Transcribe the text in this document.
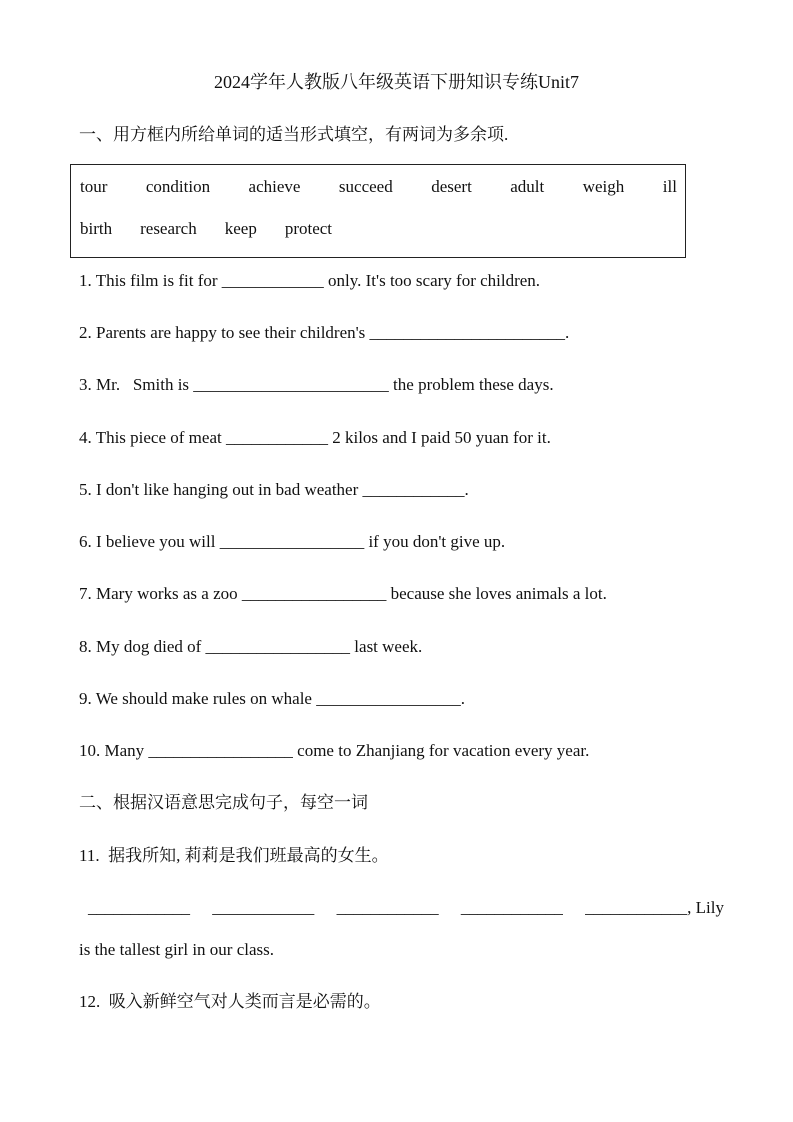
2024学年人教版八年级英语下册知识专练Unit7
一、用方框内所给单词的适当形式填空，有两词为多余项.
tour condition achieve succeed desert adult weigh ill
birth research keep protect
1. This film is fit for ____________ only. It's too scary for children.
2. Parents are happy to see their children's _______________________.
3. Mr.   Smith is _______________________ the problem these days.
4. This piece of meat ____________ 2 kilos and I paid 50 yuan for it.
5. I don't like hanging out in bad weather ____________.
6. I believe you will _________________ if you don't give up.
7. Mary works as a zoo _________________ because she loves animals a lot.
8. My dog died of _________________ last week.
9. We should make rules on whale _________________.
10. Many _________________ come to Zhanjiang for vacation every year.
二、根据汉语意思完成句子，每空一词
11.  据我所知, 莉莉是我们班最高的女生。
____________ ____________ ____________ ____________ ____________, Lily
is the tallest girl in our class.
12.  吸入新鲜空气对人类而言是必需的。
